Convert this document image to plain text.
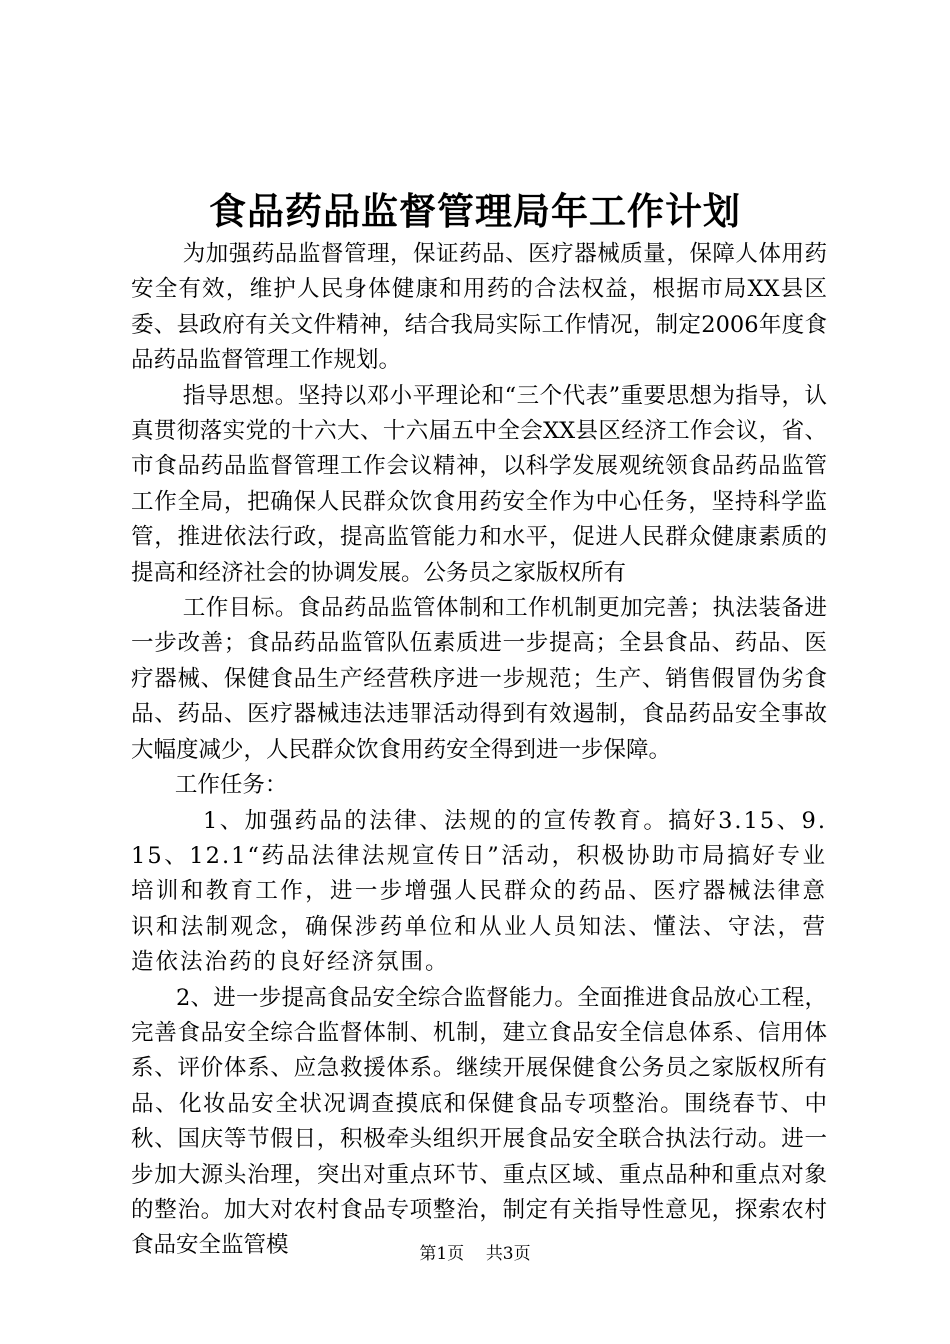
食品药品监督管理局年工作计划

为加强药品监督管理，保证药品、医疗器械质量，保障人体用药安全有效，维护人民身体健康和用药的合法权益，根据市局XX县区委、县政府有关文件精神，结合我局实际工作情况，制定2006年度食品药品监督管理工作规划。

指导思想。坚持以邓小平理论和“三个代表”重要思想为指导，认真贯彻落实党的十六大、十六届五中全会XX县区经济工作会议，省、市食品药品监督管理工作会议精神，以科学发展观统领食品药品监管工作全局，把确保人民群众饮食用药安全作为中心任务，坚持科学监管，推进依法行政，提高监管能力和水平，促进人民群众健康素质的提高和经济社会的协调发展。公务员之家版权所有

工作目标。食品药品监管体制和工作机制更加完善；执法装备进一步改善；食品药品监管队伍素质进一步提高；全县食品、药品、医疗器械、保健食品生产经营秩序进一步规范；生产、销售假冒伪劣食品、药品、医疗器械违法违罪活动得到有效遏制，食品药品安全事故大幅度减少，人民群众饮食用药安全得到进一步保障。

工作任务：

1、加强药品的法律、法规的的宣传教育。搞好3.15、9.15、12.1“药品法律法规宣传日”活动，积极协助市局搞好专业培训和教育工作，进一步增强人民群众的药品、医疗器械法律意识和法制观念，确保涉药单位和从业人员知法、懂法、守法，营造依法治药的良好经济氛围。

2、进一步提高食品安全综合监督能力。全面推进食品放心工程，完善食品安全综合监督体制、机制，建立食品安全信息体系、信用体系、评价体系、应急救援体系。继续开展保健食公务员之家版权所有品、化妆品安全状况调查摸底和保健食品专项整治。围绕春节、中秋、国庆等节假日，积极牵头组织开展食品安全联合执法行动。进一步加大源头治理，突出对重点环节、重点区域、重点品种和重点对象的整治。加大对农村食品专项整治，制定有关指导性意见，探索农村食品安全监管模	第1页 共3页
